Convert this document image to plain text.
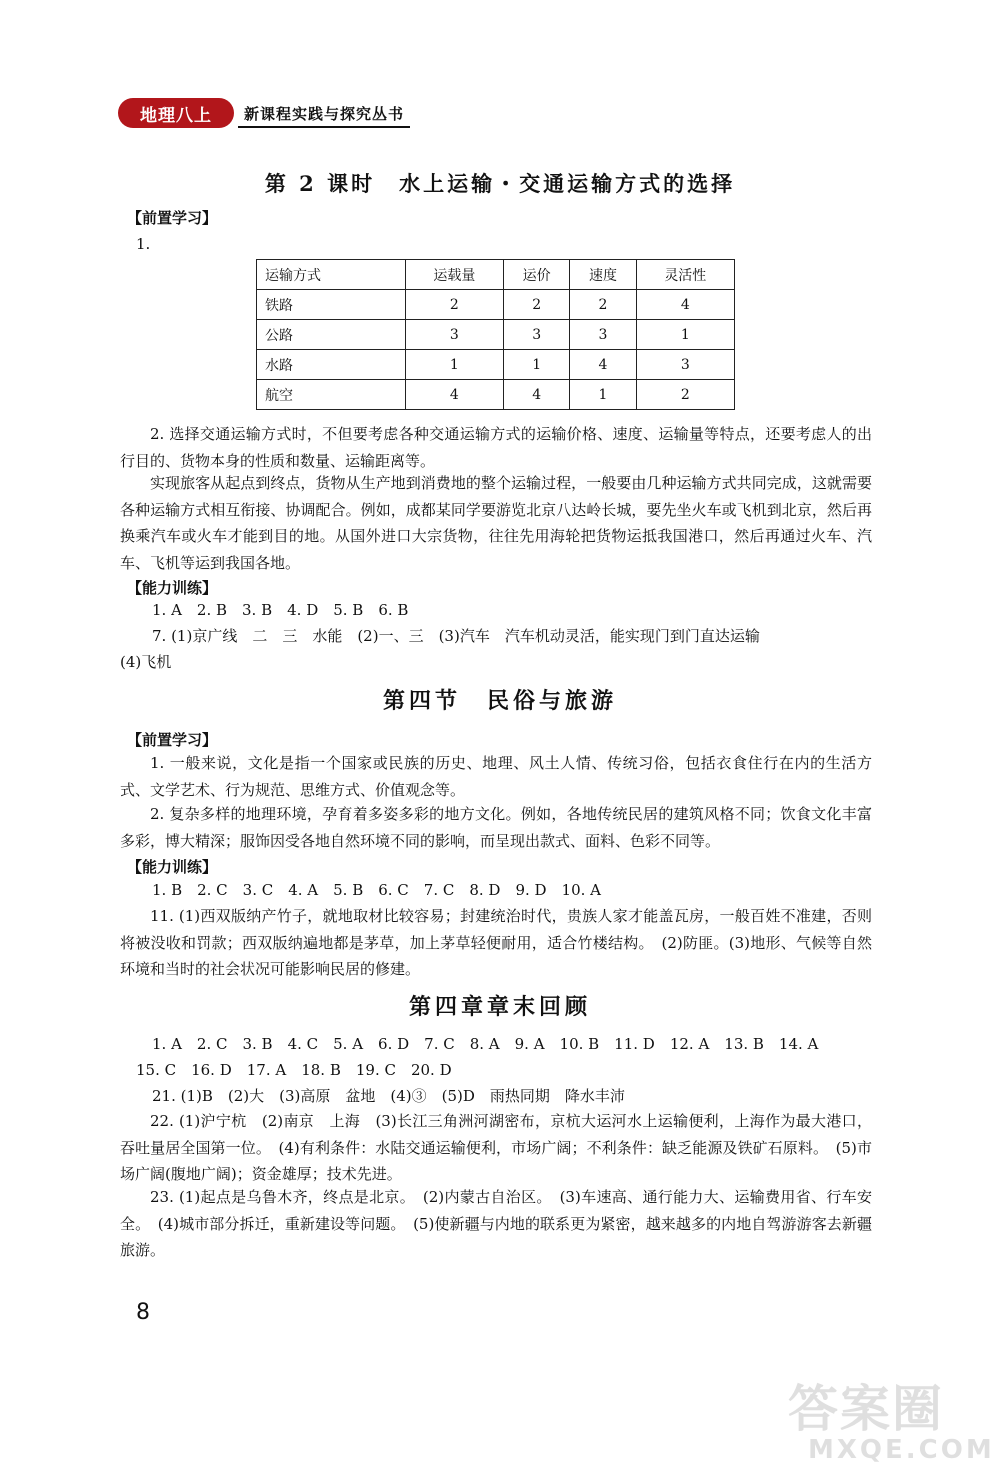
地理八上	新课程实践与探究丛书
第 2 课时　水上运输・交通运输方式的选择
【前置学习】
1.
运输方式	运载量	运价	速度	灵活性
铁路	2	2	2	4
公路	3	3	3	1
水路	1	1	4	3
航空	4	4	1	2
2. 选择交通运输方式时，不但要考虑各种交通运输方式的运输价格、速度、运输量等特点，还要考虑人的出行目的、货物本身的性质和数量、运输距离等。
实现旅客从起点到终点，货物从生产地到消费地的整个运输过程，一般要由几种运输方式共同完成，这就需要各种运输方式相互衔接、协调配合。例如，成都某同学要游览北京八达岭长城，要先坐火车或飞机到北京，然后再换乘汽车或火车才能到目的地。从国外进口大宗货物，往往先用海轮把货物运抵我国港口，然后再通过火车、汽车、飞机等运到我国各地。
【能力训练】
1. A　2. B　3. B　4. D　5. B　6. B
7. (1)京广线　二　三　水能　(2)一、三　(3)汽车　汽车机动灵活，能实现门到门直达运输
(4)飞机
第四节　民俗与旅游
【前置学习】
1. 一般来说，文化是指一个国家或民族的历史、地理、风土人情、传统习俗，包括衣食住行在内的生活方式、文学艺术、行为规范、思维方式、价值观念等。
2. 复杂多样的地理环境，孕育着多姿多彩的地方文化。例如，各地传统民居的建筑风格不同；饮食文化丰富多彩，博大精深；服饰因受各地自然环境不同的影响，而呈现出款式、面料、色彩不同等。
【能力训练】
1. B　2. C　3. C　4. A　5. B　6. C　7. C　8. D　9. D　10. A
11. (1)西双版纳产竹子，就地取材比较容易；封建统治时代，贵族人家才能盖瓦房，一般百姓不准建，否则将被没收和罚款；西双版纳遍地都是茅草，加上茅草轻便耐用，适合竹楼结构。　(2)防匪。(3)地形、气候等自然环境和当时的社会状况可能影响民居的修建。
第四章章末回顾
1. A　2. C　3. B　4. C　5. A　6. D　7. C　8. A　9. A　10. B　11. D　12. A　13. B　14. A
15. C　16. D　17. A　18. B　19. C　20. D
21. (1)B　(2)大　(3)高原　盆地　(4)③　(5)D　雨热同期　降水丰沛
22. (1)沪宁杭　(2)南京　上海　(3)长江三角洲河湖密布，京杭大运河水上运输便利，上海作为最大港口，吞吐量居全国第一位。　(4)有利条件：水陆交通运输便利，市场广阔；不利条件：缺乏能源及铁矿石原料。　(5)市场广阔(腹地广阔)；资金雄厚；技术先进。
23. (1)起点是乌鲁木齐，终点是北京。　(2)内蒙古自治区。　(3)车速高、通行能力大、运输费用省、行车安全。　(4)城市部分拆迁，重新建设等问题。　(5)使新疆与内地的联系更为紧密，越来越多的内地自驾游游客去新疆旅游。
8
答案圈
MXQE.COM
